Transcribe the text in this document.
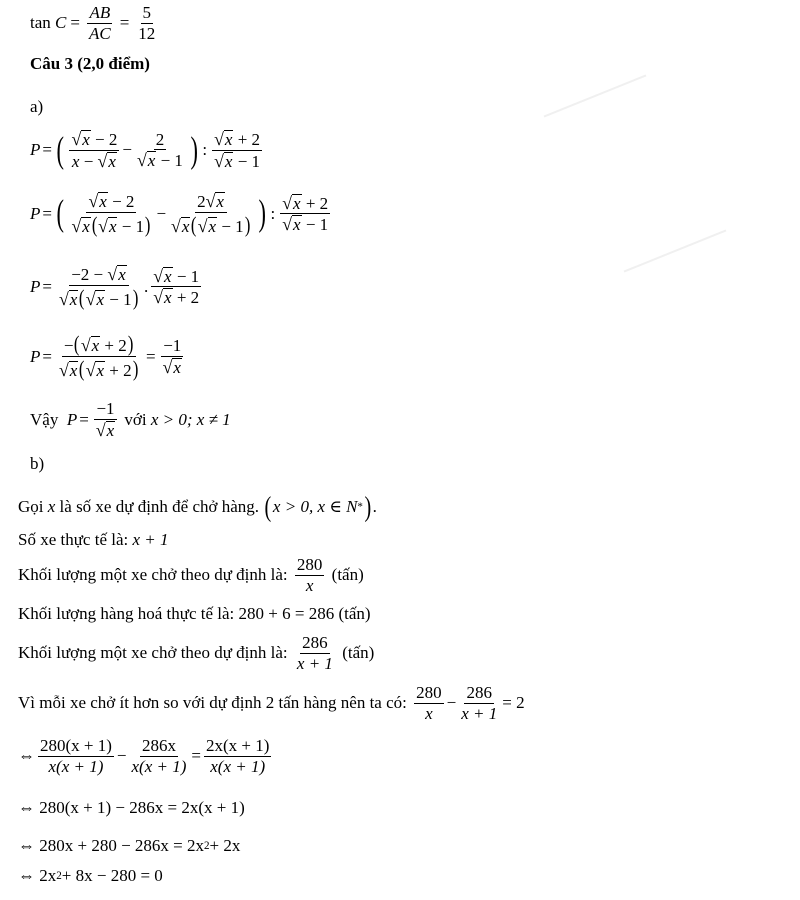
tan
$C = \frac{AB}{AC} = \frac{5}{12}$
Câu 3 (2,0 điểm)
a)
P = ( $\frac{√ x - 2}{x - √ x} - \frac{2}{√ x - 1}$ ) : $\frac{√ x + 2}{√ x - 1}$
P = ( $\frac{√ x - 2}{√ x ( √ x - 1)} - \frac{2 √ x}{√ x ( √ x - 1)}$ ) : $\frac{√ x + 2}{√ x - 1}$
$P = \frac{-2 - √ x}{√ x ( √ x - 1)}$ . $\frac{√ x - 1}{√ x + 2}$
$P = \frac{-( √ x + 2)}{√ x ( √ x + 2)} = \frac{-1}{√ x}$
Vậy
$P = \frac{-1}{√ x}$
với
x > 0; x ≠ 1
b)
Gọi
x
là số xe dự định để chở hàng.
( x > 0, x ∈ N * ) .
Số xe thực tế là:
x + 1
Khối lượng một xe chở theo dự định là:
$\frac{280}{x}$
(tấn)
Khối lượng hàng hoá thực tế là:
280 + 6 = 286
(tấn)
Khối lượng một xe chở theo dự định là:
$\frac{286}{x + 1}$
(tấn)
Vì mỗi xe chở ít hơn so với dự định 2 tấn hàng nên ta có:
$\frac{280}{x} - \frac{286}{x + 1} = 2$
⇔ $\frac{280(x + 1)}{x(x + 1)} - \frac{286x}{x(x + 1)} = \frac{2x(x + 1)}{x(x + 1)}$
⇔
280(x + 1) − 286x = 2x(x + 1)
⇔
280x + 280 − 286x = 2x 2 + 2x
⇔
2x 2 + 8x − 280 = 0
